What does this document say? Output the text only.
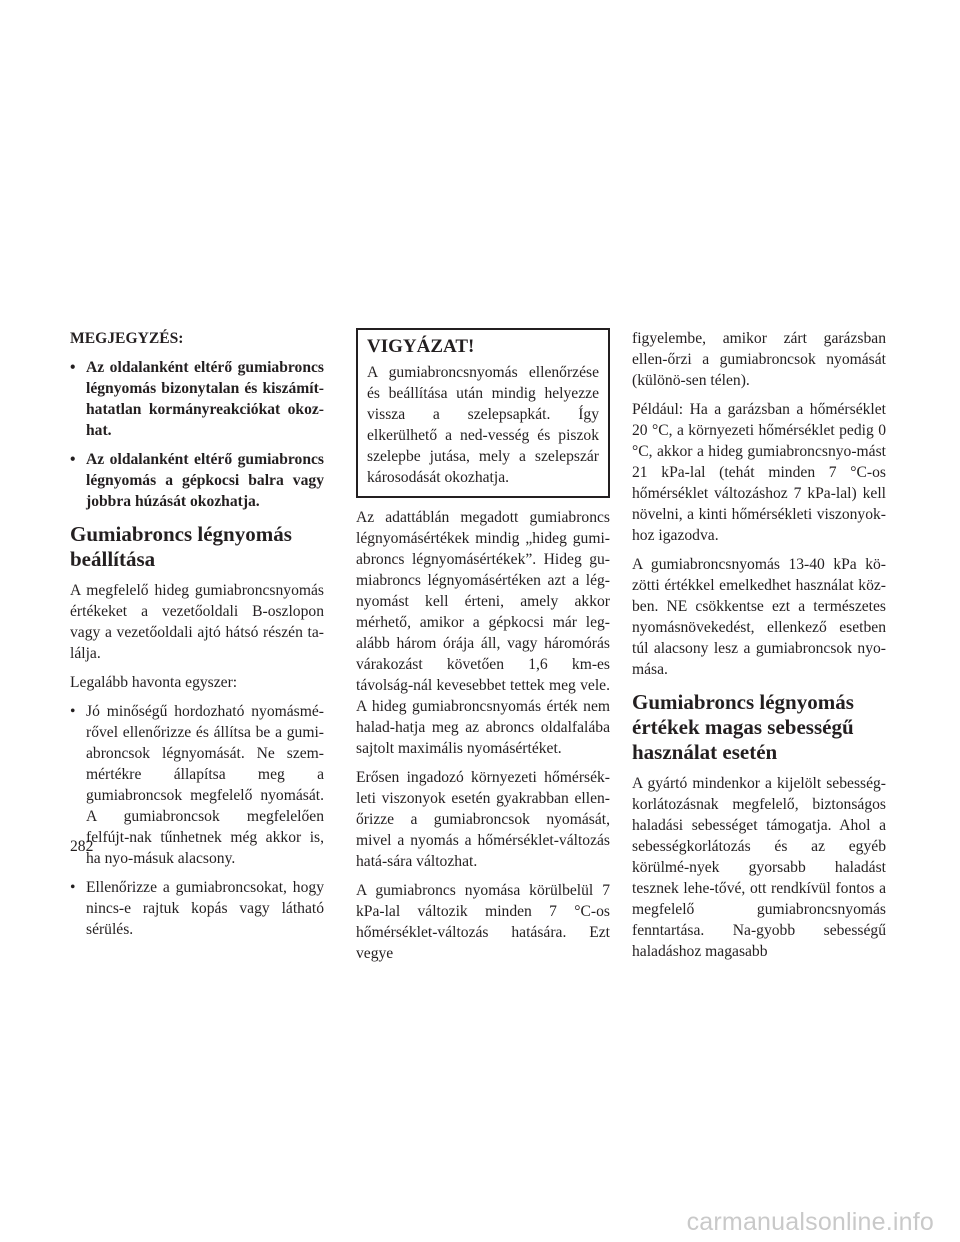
MEGJEGYZÉS:
• Az oldalanként eltérő gumiabroncs légnyomás bizonytalan és kiszámít-hatatlan kormányreakciókat okoz-hat.
• Az oldalanként eltérő gumiabroncs légnyomás a gépkocsi balra vagy jobbra húzását okozhatja.
Gumiabroncs légnyomás beállítása

A megfelelő hideg gumiabroncsnyomás értékeket a vezetőoldali B-oszlopon vagy a vezetőoldali ajtó hátsó részén ta-lálja.

Legalább havonta egyszer:

• Jó minőségű hordozható nyomásmé-rővel ellenőrizze és állítsa be a gumi-abroncsok légnyomását. Ne szem-mértékre állapítsa meg a gumiabroncsok megfelelő nyomását. A gumiabroncsok megfelelően felfújt-nak tűnhetnek még akkor is, ha nyo-másuk alacsony.
• Ellenőrizze a gumiabroncsokat, hogy nincs-e rajtuk kopás vagy látható sérülés.
VIGYÁZAT!

A gumiabroncsnyomás ellenőrzése és beállítása után mindig helyezze vissza a szelepsapkát. Így elkerülhető a ned-vesség és piszok szelepbe jutása, mely a szelepszár károsodását okozhatja.

Az adattáblán megadott gumiabroncs légnyomásértékek mindig „hideg gumi-abroncs légnyomásértékek”. Hideg gu-miabroncs légnyomásértéken azt a lég-nyomást kell érteni, amely akkor mérhető, amikor a gépkocsi már leg-alább három órája áll, vagy háromórás várakozást követően 1,6 km-es távolság-nál kevesebbet tettek meg vele. A hideg gumiabroncsnyomás érték nem halad-hatja meg az abroncs oldalfalába sajtolt maximális nyomásértéket.

Erősen ingadozó környezeti hőmérsék-leti viszonyok esetén gyakrabban ellen-őrizze a gumiabroncsok nyomását, mivel a nyomás a hőmérséklet-változás hatá-sára változhat.

A gumiabroncs nyomása körülbelül 7 kPa-lal változik minden 7 °C-os hőmérséklet-változás hatására. Ezt vegye

figyelembe, amikor zárt garázsban ellen-őrzi a gumiabroncsok nyomását (különö-sen télen).

Például: Ha a garázsban a hőmérséklet 20 °C, a környezeti hőmérséklet pedig 0 °C, akkor a hideg gumiabroncsnyo-mást 21 kPa-lal (tehát minden 7 °C-os hőmérséklet változáshoz 7 kPa-lal) kell növelni, a kinti hőmérsékleti viszonyok-hoz igazodva.

A gumiabroncsnyomás 13-40 kPa kö-zötti értékkel emelkedhet használat köz-ben. NE csökkentse ezt a természetes nyomásnövekedést, ellenkező esetben túl alacsony lesz a gumiabroncsok nyo-mása.

Gumiabroncs légnyomás értékek magas sebességű használat esetén

A gyártó mindenkor a kijelölt sebesség-korlátozásnak megfelelő, biztonságos haladási sebességet támogatja. Ahol a sebességkorlátozás és az egyéb körülmé-nyek gyorsabb haladást tesznek lehe-tővé, ott rendkívül fontos a megfelelő gumiabroncsnyomás fenntartása. Na-gyobb sebességű haladáshoz magasabb

282
carmanualsonline.info
